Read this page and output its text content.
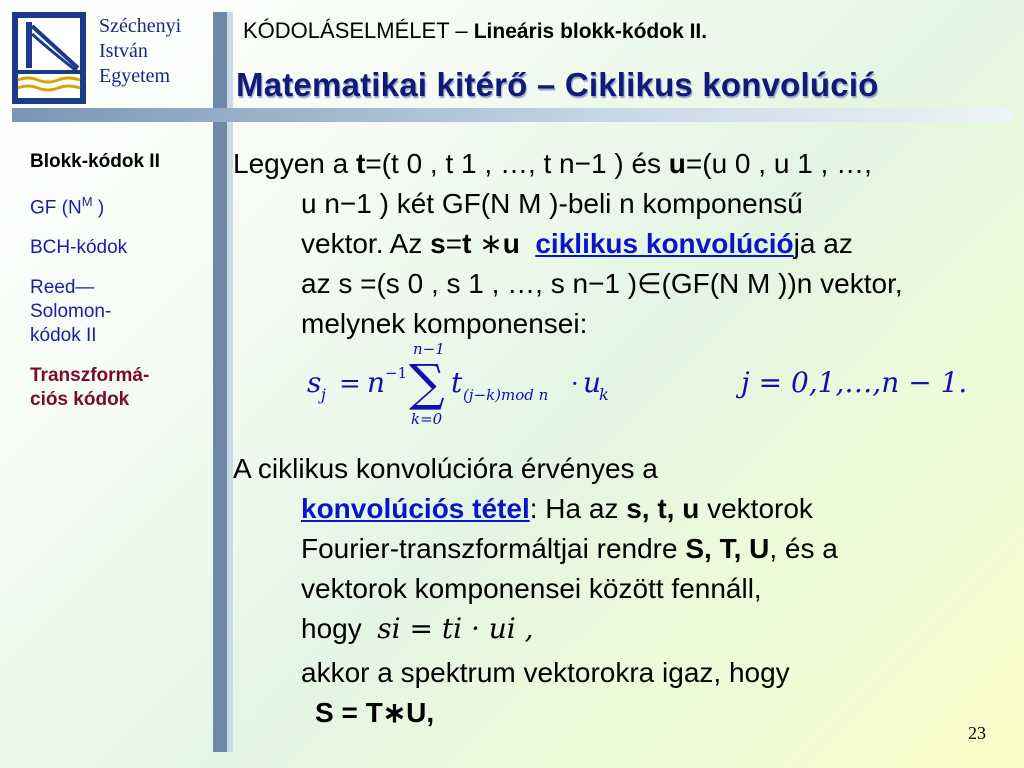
Széchenyi
István
Egyetem
KÓDOLÁSELMÉLET – Lineáris blokk-kódok II.
Matematikai kitérő – Ciklikus konvolúció
Blokk-kódok II
GF ($N^M$ )
BCH-kódok
Reed—
Solomon-
kódok II
Transzformá-
ciós kódok

Legyen a t=(t 0 , t 1 , …, t n−1 ) és u=(u 0 , u 1 , …,

u n−1 ) két GF(N M )-beli n komponensű

vektor. Az s=t ∗u ciklikus konvolúciója az

az s =(s 0 , s 1 , …, s n−1 )∈(GF(N M ))n vektor,

melynek komponensei:

A ciklikus konvolúcióra érvényes a

konvolúciós tétel: Ha az s, t, u vektorok

Fourier-transzformáltjai rendre S, T, U, és a

vektorok komponensei között fennáll,

hogy si = ti · ui ,

akkor a spektrum vektorokra igaz, hogy

S = T∗U,

s j = n −1
n−1
∑
k=0
t (j−k)mod n · u
k	j = 0,1,…,n − 1.
23
